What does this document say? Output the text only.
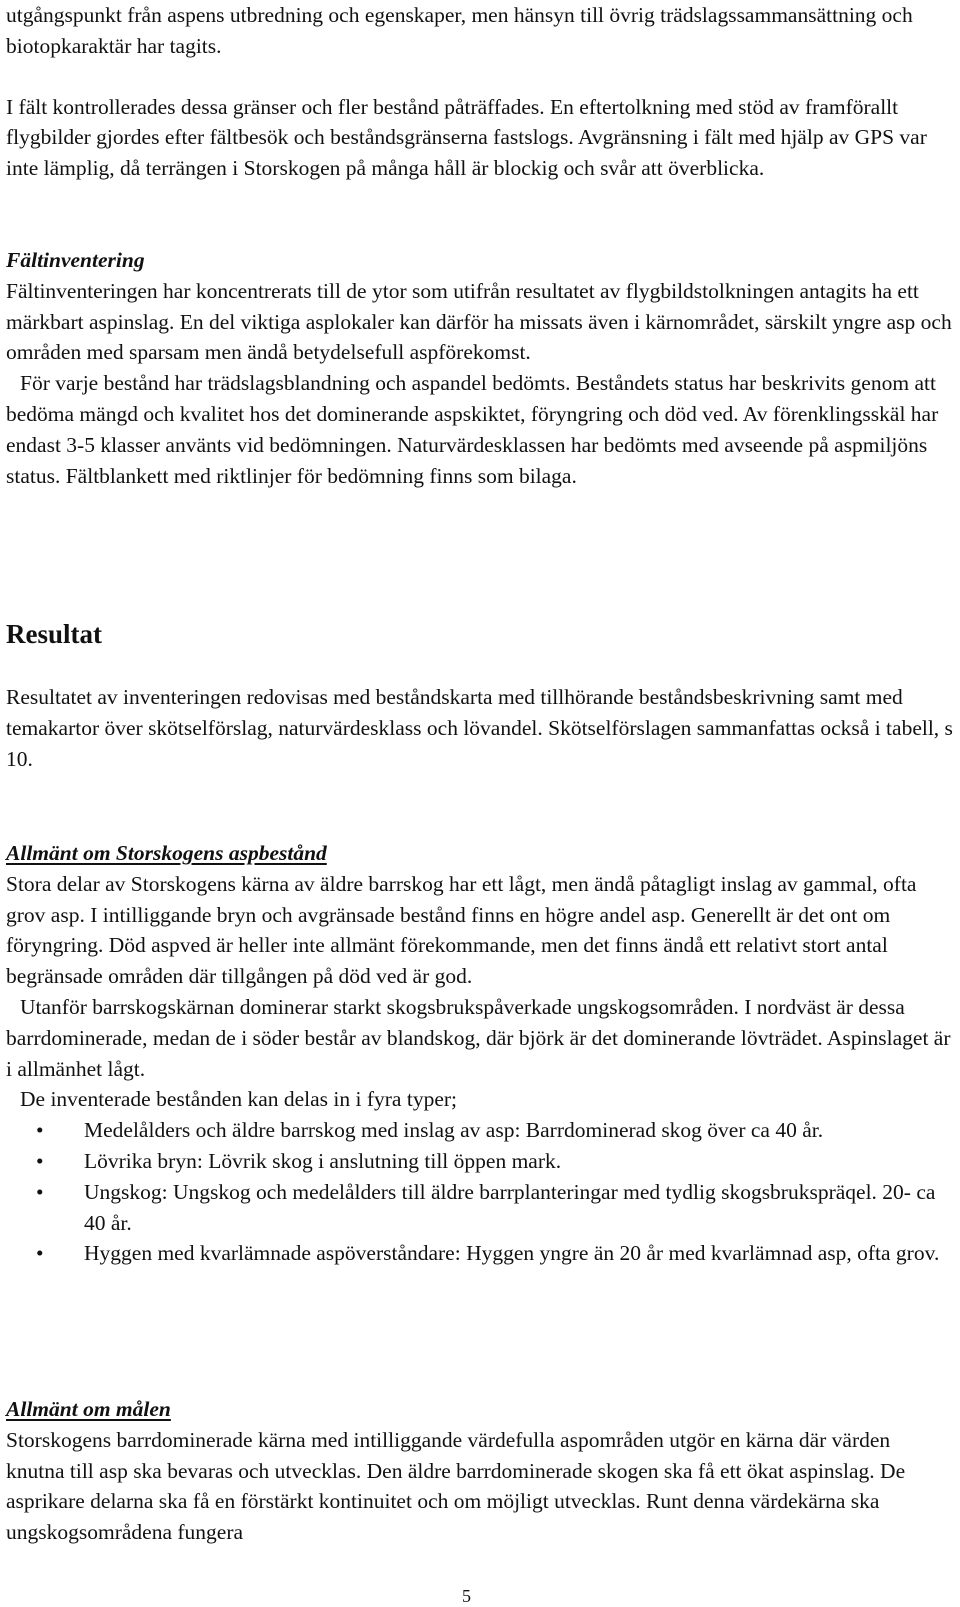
utgångspunkt från aspens utbredning och egenskaper, men hänsyn till övrig trädslagssammansättning och biotopkaraktär har tagits.

I fält kontrollerades dessa gränser och fler bestånd påträffades. En eftertolkning med stöd av framförallt flygbilder gjordes efter fältbesök och beståndsgränserna fastslogs. Avgränsning i fält med hjälp av GPS var inte lämplig, då terrängen i Storskogen på många håll är blockig och svår att överblicka.

Fältinventering

Fältinventeringen har koncentrerats till de ytor som utifrån resultatet av flygbildstolkningen antagits ha ett märkbart aspinslag. En del viktiga asplokaler kan därför ha missats även i kärnområdet, särskilt yngre asp och områden med sparsam men ändå betydelsefull aspförekomst.

För varje bestånd har trädslagsblandning och aspandel bedömts. Beståndets status har beskrivits genom att bedöma mängd och kvalitet hos det dominerande aspskiktet, föryngring och död ved. Av förenklingsskäl har endast 3-5 klasser använts vid bedömningen. Naturvärdesklassen har bedömts med avseende på aspmiljöns status. Fältblankett med riktlinjer för bedömning finns som bilaga.

Resultat

Resultatet av inventeringen redovisas med beståndskarta med tillhörande beståndsbeskrivning samt med temakartor över skötselförslag, naturvärdesklass och lövandel. Skötselförslagen sammanfattas också i tabell, s 10.

Allmänt om Storskogens aspbestånd

Stora delar av Storskogens kärna av äldre barrskog har ett lågt, men ändå påtagligt inslag av gammal, ofta grov asp. I intilliggande bryn och avgränsade bestånd finns en högre andel asp. Generellt är det ont om föryngring. Död aspved är heller inte allmänt förekommande, men det finns ändå ett relativt stort antal begränsade områden där tillgången på död ved är god.

Utanför barrskogskärnan dominerar starkt skogsbrukspåverkade ungskogsområden. I nordväst är dessa barrdominerade, medan de i söder består av blandskog, där björk är det dominerande lövträdet. Aspinslaget är i allmänhet lågt.

De inventerade bestånden kan delas in i fyra typer;

• Medelålders och äldre barrskog med inslag av asp: Barrdominerad skog över ca 40 år.
• Lövrika bryn: Lövrik skog i anslutning till öppen mark.
• Ungskog: Ungskog och medelålders till äldre barrplanteringar med tydlig skogsbrukspräqel. 20- ca 40 år.
• Hyggen med kvarlämnade aspöverståndare: Hyggen yngre än 20 år med kvarlämnad asp, ofta grov.

Allmänt om målen

Storskogens barrdominerade kärna med intilliggande värdefulla aspområden utgör en kärna där värden knutna till asp ska bevaras och utvecklas. Den äldre barrdominerade skogen ska få ett ökat aspinslag. De asprikare delarna ska få en förstärkt kontinuitet och om möjligt utvecklas. Runt denna värdekärna ska ungskogsområdena fungera

5
